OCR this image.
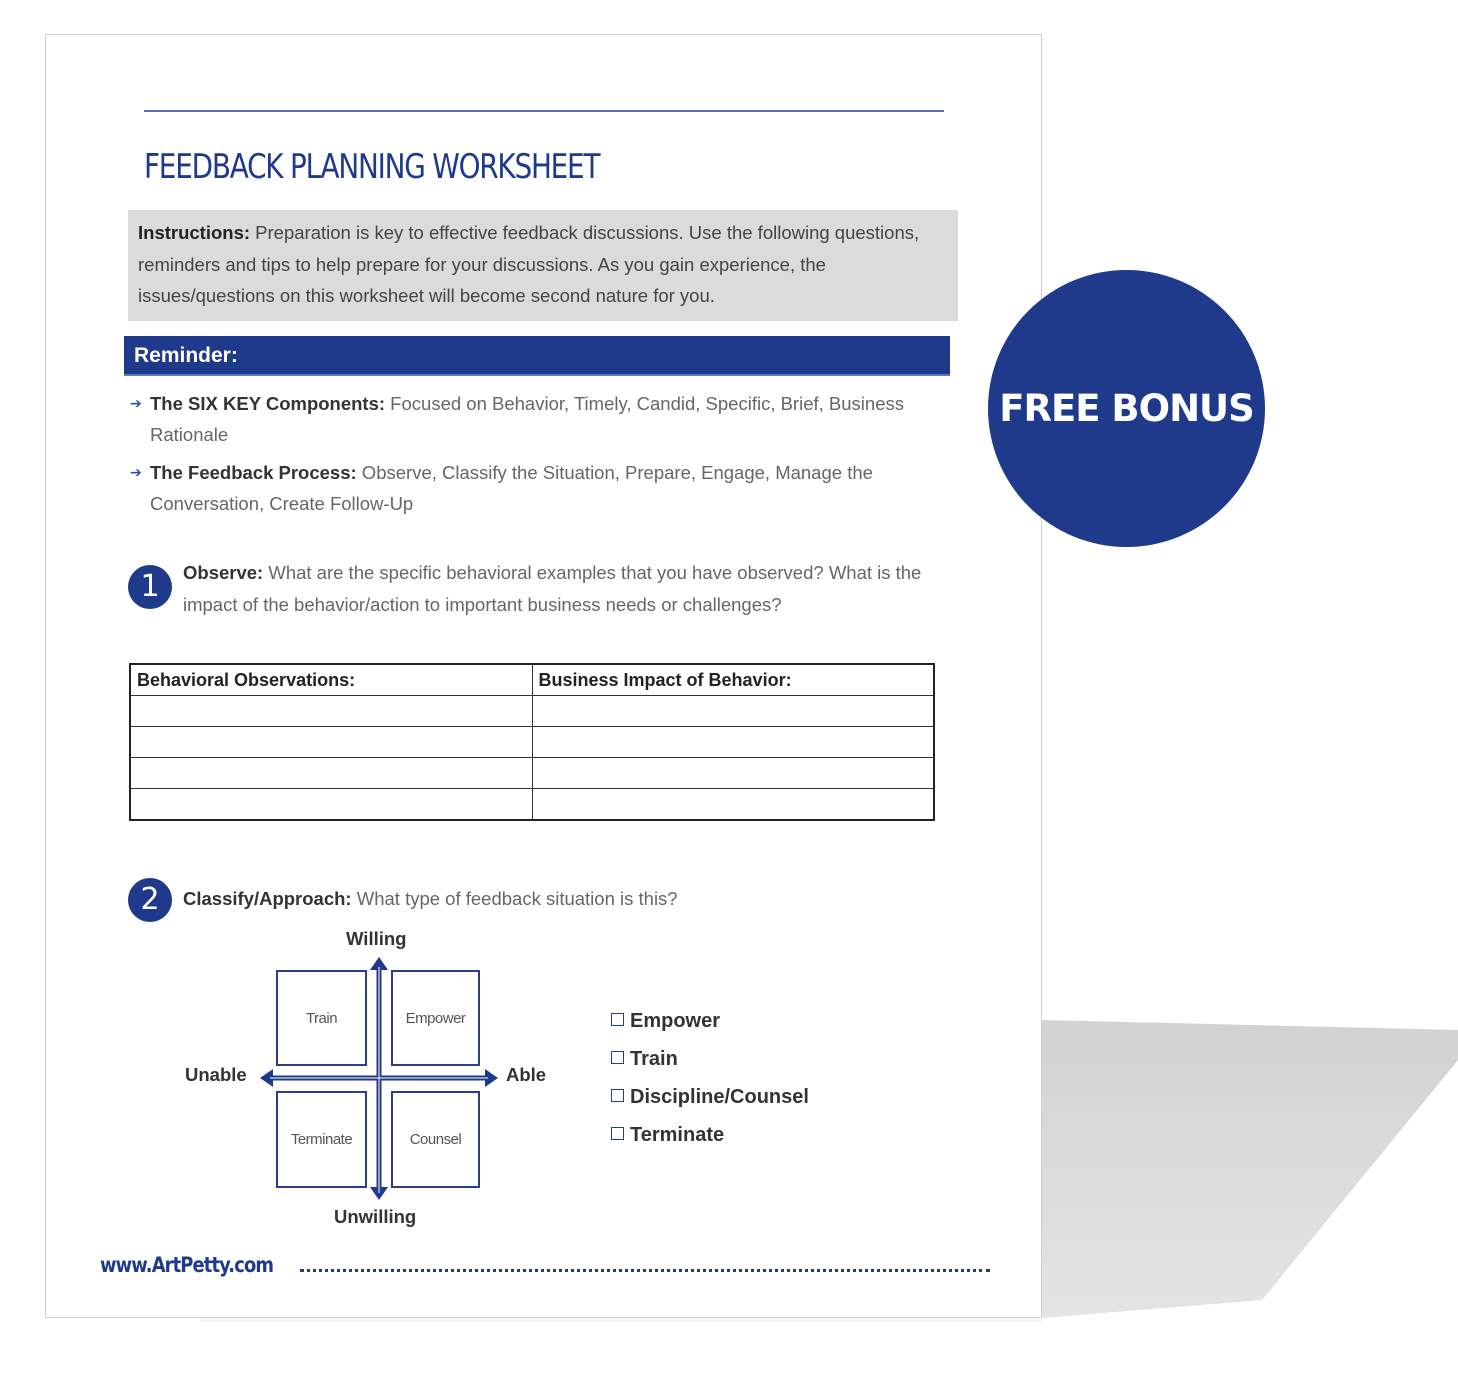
FEEDBACK PLANNING WORKSHEET
Instructions: Preparation is key to effective feedback discussions. Use the following questions, reminders and tips to help prepare for your discussions. As you gain experience, the issues/questions on this worksheet will become second nature for you.
Reminder:
➔ The SIX KEY Components: Focused on Behavior, Timely, Candid, Specific, Brief, Business Rationale
➔ The Feedback Process: Observe, Classify the Situation, Prepare, Engage, Manage the Conversation, Create Follow-Up
1	Observe: What are the specific behavioral examples that you have observed? What is the impact of the behavior/action to important business needs or challenges?
Behavioral Observations:	Business Impact of Behavior:

2	Classify/Approach: What type of feedback situation is this?
Willing
Unwilling
Unable	Able
Train	Empower
Terminate	Counsel
Empower
Train
Discipline/Counsel
Terminate

www.ArtPetty.com

FREE BONUS
